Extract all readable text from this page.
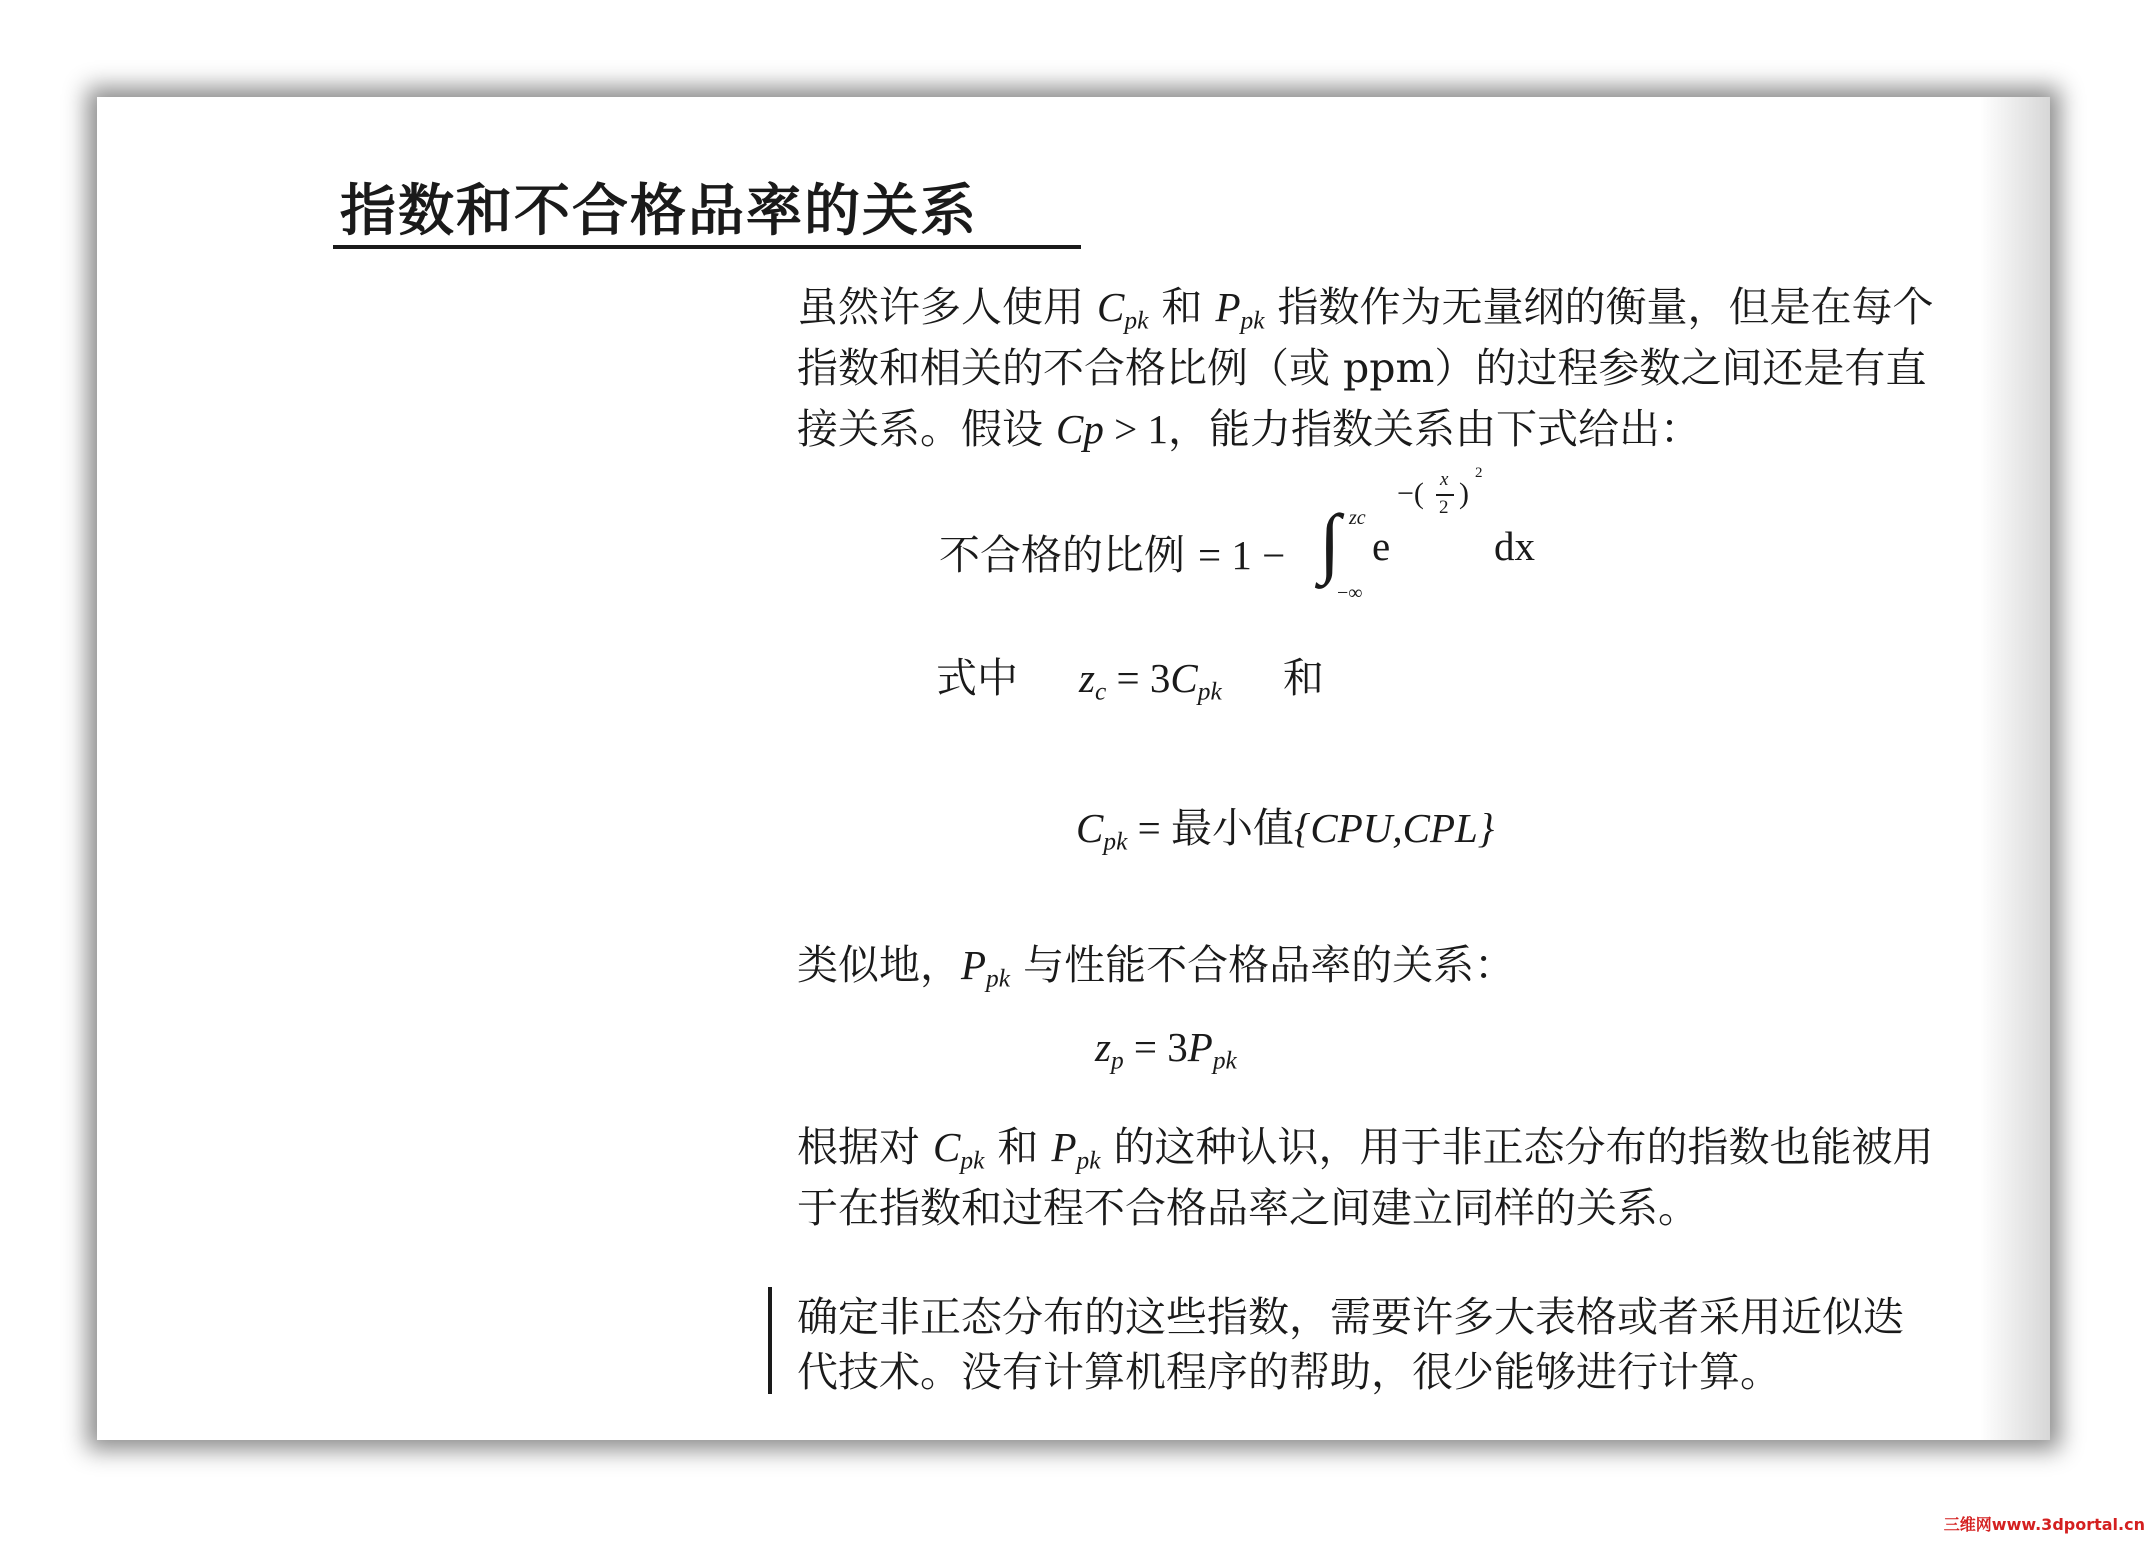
指数和不合格品率的关系
虽然许多人使用 $C_{pk}$ 和 $P_{pk}$ 指数作为无量纲的衡量，但是在每个
指数和相关的不合格比例（或 ppm）的过程参数之间还是有直
接关系。假设 Cp > 1，能力指数关系由下式给出：
不合格的比例 = 1 − ∫ zc
−∞
e
−( x
2 )
2
dx
式中 $z_c = 3C_{pk}$ 和
$C_{pk}$ = 最小值{CPU,CPL}
类似地，$P_{pk}$ 与性能不合格品率的关系：
$z_p = 3P_{pk}$
根据对 $C_{pk}$ 和 $P_{pk}$ 的这种认识，用于非正态分布的指数也能被用
于在指数和过程不合格品率之间建立同样的关系。
确定非正态分布的这些指数，需要许多大表格或者采用近似迭
代技术。没有计算机程序的帮助，很少能够进行计算。
三维网www.3dportal.cn
